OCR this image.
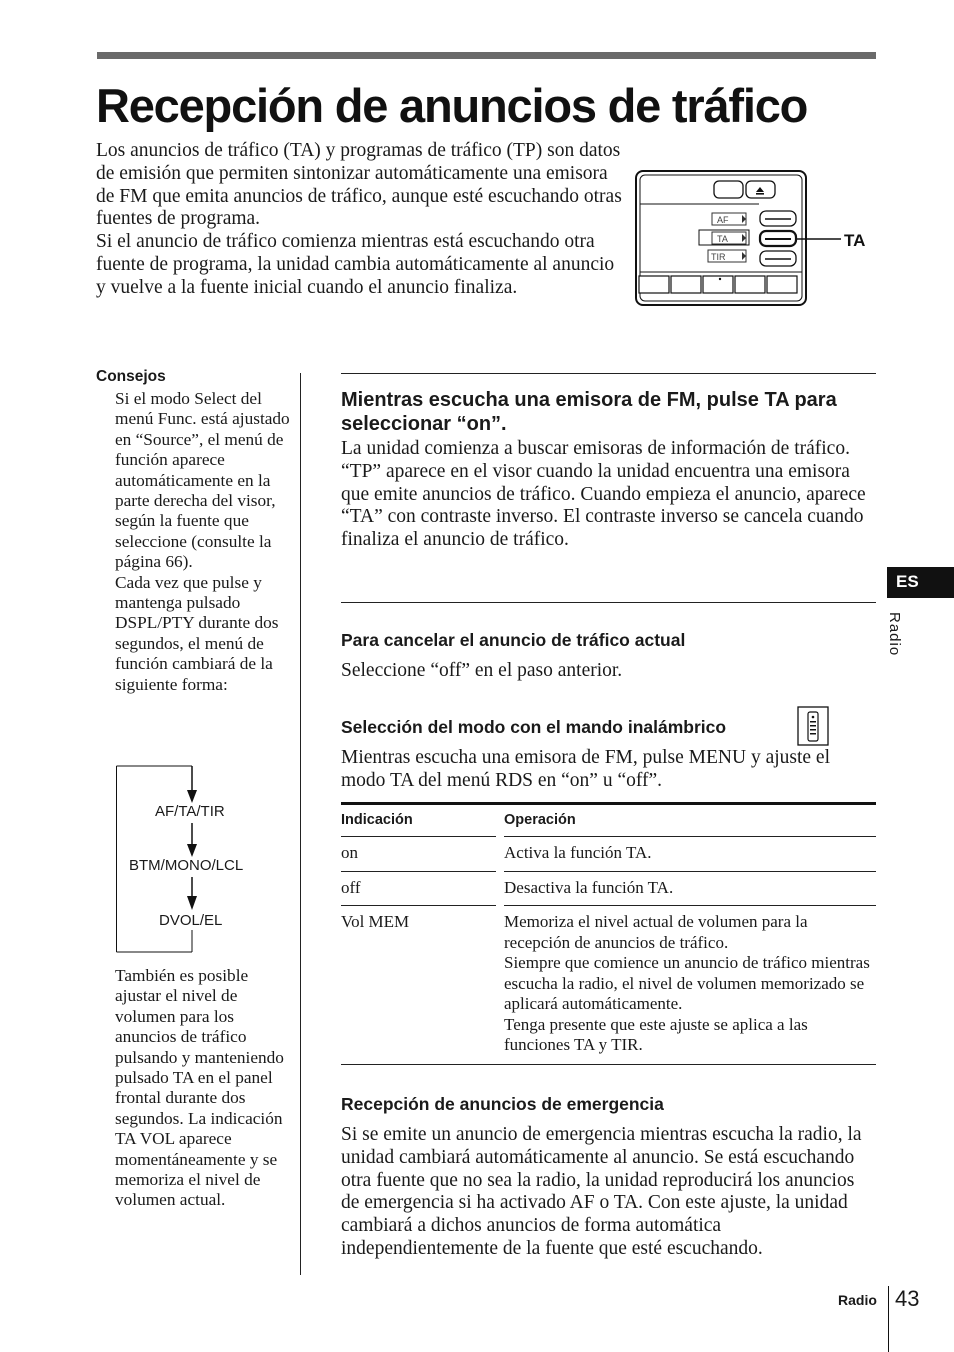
Recepción de anuncios de tráfico

Los anuncios de tráfico (TA) y programas de tráfico (TP) son datos de emisión que permiten sintonizar automáticamente una emisora de FM que emita anuncios de tráfico, aunque esté escuchando otras fuentes de programa.

Si el anuncio de tráfico comienza mientras está escuchando otra fuente de programa, la unidad cambia automáticamente al anuncio y vuelve a la fuente inicial cuando el anuncio finaliza.

AF
TA
TIR
TA
Consejos

Si el modo Select del menú Func. está ajustado en “Source”, el menú de función aparece automáticamente en la parte derecha del visor, según la fuente que seleccione (consulte la página 66).

Cada vez que pulse y mantenga pulsado DSPL/PTY durante dos segundos, el menú de función cambiará de la siguiente forma:

AF/TA/TIR
BTM/MONO/LCL
DVOL/EL
También es posible ajustar el nivel de volumen para los anuncios de tráfico pulsando y manteniendo pulsado TA en el panel frontal durante dos segundos. La indicación TA VOL aparece momentáneamente y se memoriza el nivel de volumen actual.
Mientras escucha una emisora de FM, pulse TA para seleccionar “on”.
La unidad comienza a buscar emisoras de información de tráfico. “TP” aparece en el visor cuando la unidad encuentra una emisora que emite anuncios de tráfico. Cuando empieza el anuncio, aparece “TA” con contraste inverso. El contraste inverso se cancela cuando finaliza el anuncio de tráfico.
Para cancelar el anuncio de tráfico actual
Seleccione “off” en el paso anterior.
Selección del modo con el mando inalámbrico
Mientras escucha una emisora de FM, pulse MENU y ajuste el modo TA del menú RDS en “on” u “off”.
Indicación		Operación
on		Activa la función TA.
off		Desactiva la función TA.
Vol MEM		Memoriza el nivel actual de volumen para la recepción de anuncios de tráfico.
Siempre que comience un anuncio de tráfico mientras escucha la radio, el nivel de volumen memorizado se aplicará automáticamente.
Tenga presente que este ajuste se aplica a las funciones TA y TIR.
Recepción de anuncios de emergencia
Si se emite un anuncio de emergencia mientras escucha la radio, la unidad cambiará automáticamente al anuncio. Se está escuchando otra fuente que no sea la radio, la unidad reproducirá los anuncios de emergencia si ha activado AF o TA. Con este ajuste, la unidad cambiará a dichos anuncios de forma automática independientemente de la fuente que esté escuchando.
ES
Radio
Radio 43
